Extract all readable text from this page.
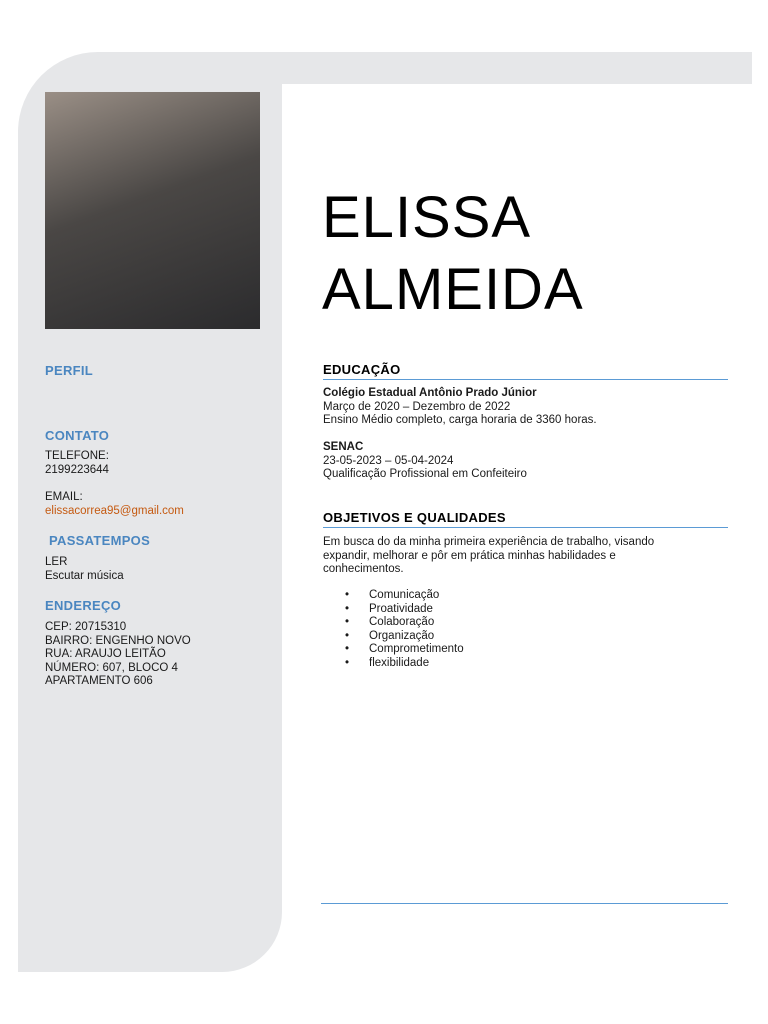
PERFIL
CONTATO
TELEFONE:
2199223644
EMAIL:
elissacorrea95@gmail.com
PASSATEMPOS
LER
Escutar música
ENDEREÇO
CEP: 20715310
BAIRRO: ENGENHO NOVO
RUA: ARAUJO LEITÃO
NÚMERO: 607, BLOCO 4
APARTAMENTO 606
ELISSA
ALMEIDA
EDUCAÇÃO
Colégio Estadual Antônio Prado Júnior
Março de 2020 – Dezembro de 2022
Ensino Médio completo, carga horaria de 3360 horas.
SENAC
23-05-2023 – 05-04-2024
Qualificação Profissional em Confeiteiro
OBJETIVOS E QUALIDADES
Em busca do da minha primeira experiência de trabalho, visando
expandir, melhorar e pôr em prática minhas habilidades e
conhecimentos.
• Comunicação
• Proatividade
• Colaboração
• Organização
• Comprometimento
• flexibilidade
